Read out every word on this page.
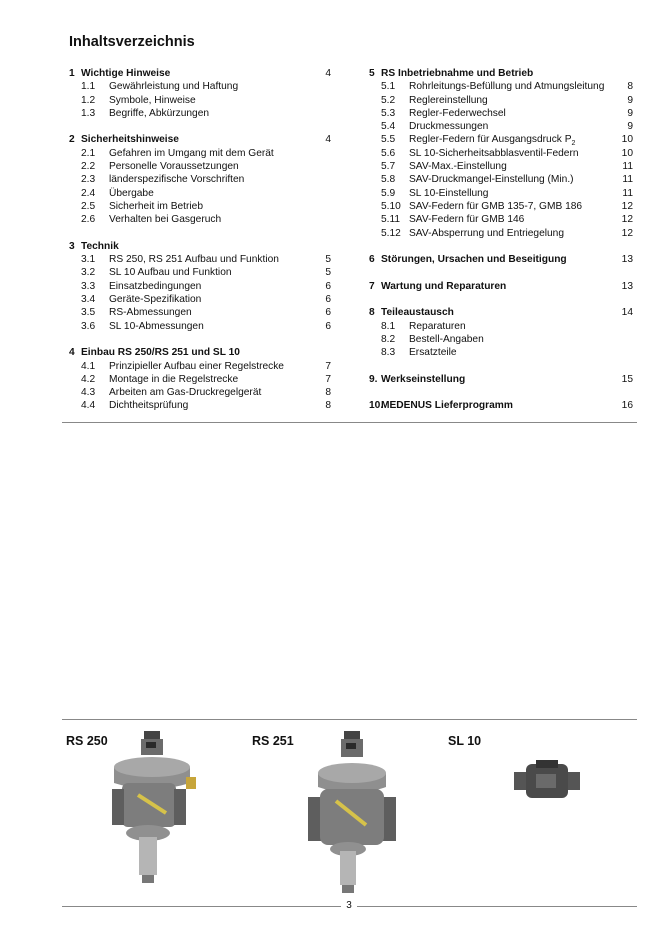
Inhaltsverzeichnis
1 Wichtige Hinweise	4
1.1 Gewährleistung und Haftung
1.2 Symbole, Hinweise
1.3 Begriffe, Abkürzungen
2 Sicherheitshinweise	4
2.1 Gefahren im Umgang mit dem Gerät
2.2 Personelle Voraussetzungen
2.3 länderspezifische Vorschriften
2.4 Übergabe
2.5 Sicherheit im Betrieb
2.6 Verhalten bei Gasgeruch
3 Technik
3.1 RS 250, RS 251 Aufbau und Funktion	5
3.2 SL 10 Aufbau und Funktion	5
3.3 Einsatzbedingungen	6
3.4 Geräte-Spezifikation	6
3.5 RS-Abmessungen	6
3.6 SL 10-Abmessungen	6
4 Einbau RS 250/RS 251 und SL 10
4.1 Prinzipieller Aufbau einer Regelstrecke	7
4.2 Montage in die Regelstrecke	7
4.3 Arbeiten am Gas-Druckregelgerät	8
4.4 Dichtheitsprüfung	8
5 RS Inbetriebnahme und Betrieb
5.1 Rohrleitungs-Befüllung und Atmungsleitung 8
5.2 Reglereinstellung	9
5.3 Regler-Federwechsel	9
5.4 Druckmessungen	9
5.5 Regler-Federn für Ausgangsdruck $P_2$	10
5.6 SL 10-Sicherheitsabblasventil-Federn	10
5.7 SAV-Max.-Einstellung	11
5.8 SAV-Druckmangel-Einstellung (Min.)	11
5.9 SL 10-Einstellung	11
5.10 SAV-Federn für GMB 135-7, GMB 186	12
5.11 SAV-Federn für GMB 146	12
5.12 SAV-Absperrung und Entriegelung	12
6 Störungen, Ursachen und Beseitigung	13
7 Wartung und Reparaturen	13
8 Teileaustausch	14
8.1 Reparaturen
8.2 Bestell-Angaben
8.3 Ersatzteile
9. Werkseinstellung	15
10.MEDENUS Lieferprogramm	16
RS 250	RS 251	SL 10
3
